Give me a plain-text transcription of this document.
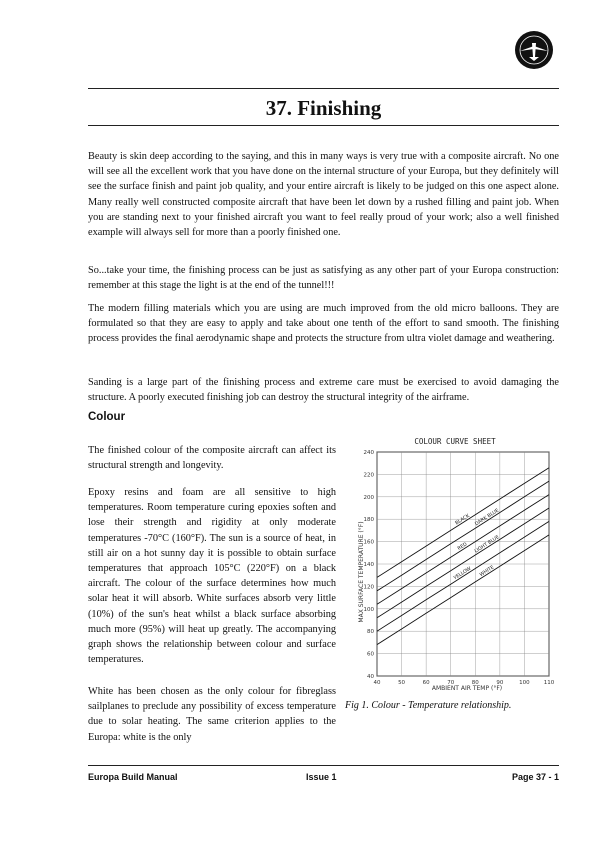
37. Finishing

Beauty is skin deep according to the saying, and this in many ways is very true with a composite aircraft. No one will see all the excellent work that you have done on the internal structure of your Europa, but they definitely will see the surface finish and paint job quality, and your entire aircraft is likely to be judged on this one aspect alone. Many really well constructed composite aircraft that have been let down by a rushed filling and paint job. When you are standing next to your finished aircraft you want to feel really proud of your work; also a well finished example will always sell for more than a poorly finished one.

So...take your time, the finishing process can be just as satisfying as any other part of your Europa construction: remember at this stage the light is at the end of the tunnel!!!

The modern filling materials which you are using are much improved from the old micro balloons. They are formulated so that they are easy to apply and take about one tenth of the effort to sand smooth. The finishing process provides the final aerodynamic shape and protects the structure from ultra violet damage and weathering.

Sanding is a large part of the finishing process and extreme care must be exercised to avoid damaging the structure. A poorly executed finishing job can destroy the structural integrity of the airframe.

Colour

The finished colour of the composite aircraft can affect its structural strength and longevity.

Epoxy resins and foam are all sensitive to high temperatures. Room temperature curing epoxies soften and lose their strength and rigidity at only moderate temperatures -70°C (160°F). The sun is a source of heat, in still air on a hot sunny day it is possible to obtain surface temperatures that approach 105°C (220°F) on a black aircraft. The colour of the surface determines how much solar heat it will absorb. White surfaces absorb very little (10%) of the sun's heat whilst a black surface absorbing much more (95%) will heat up greatly. The accompanying graph shows the relationship between colour and surface temperatures.

White has been chosen as the only colour for fibreglass sailplanes to preclude any possibility of excess temperature due to solar heating. The same criterion applies to the Europa: white is the only

COLOUR CURVE SHEET
MAX SURFACE TEMPERATURE (°F)
AMBIENT AIR TEMP (°F)
40
60
80
100
120
140
160
180
200
220
240
40	50	60	70	80	90	100	110
BLACK DARK BLUE
RED LIGHT BLUE
YELLOW WHITE

Fig 1. Colour - Temperature relationship.

Europa Build Manual	Issue 1	Page 37 - 1
